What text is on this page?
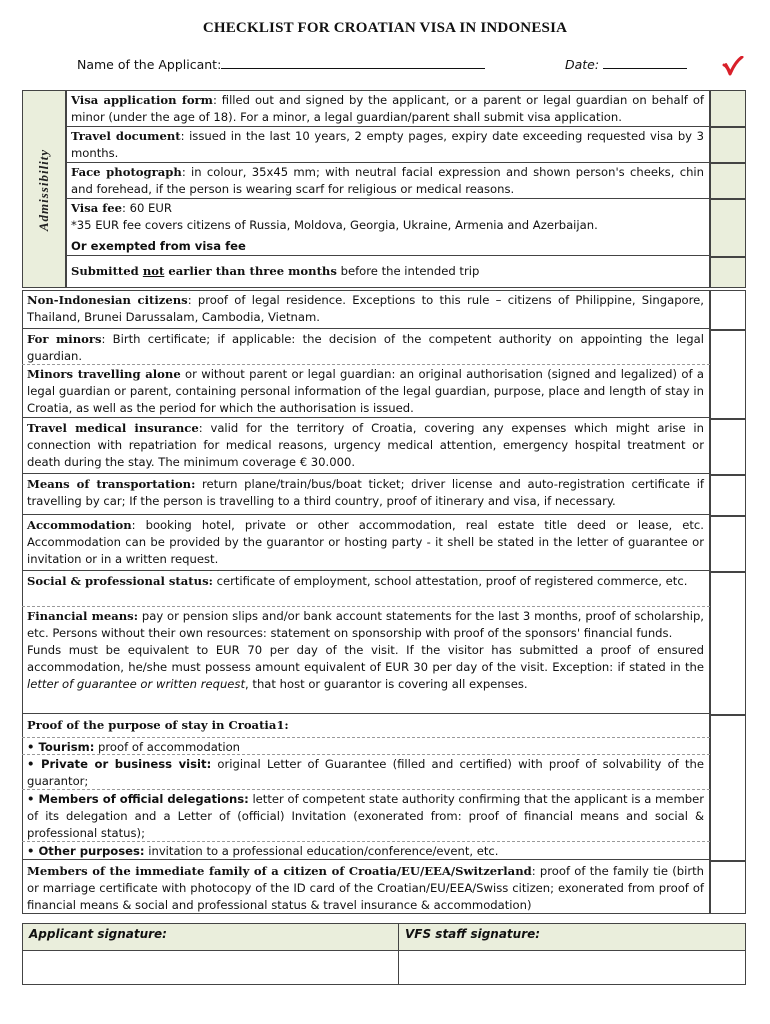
CHECKLIST FOR CROATIAN VISA IN INDONESIA
Name of the Applicant:	Date:
Admissibility
Visa application form: filled out and signed by the applicant, or a parent or legal guardian on behalf of minor (under the age of 18). For a minor, a legal guardian/parent shall submit visa application.
Travel document: issued in the last 10 years, 2 empty pages, expiry date exceeding requested visa by 3 months.
Face photograph: in colour, 35x45 mm; with neutral facial expression and shown person's cheeks, chin and forehead, if the person is wearing scarf for religious or medical reasons.
Visa fee: 60 EUR
*35 EUR fee covers citizens of Russia, Moldova, Georgia, Ukraine, Armenia and Azerbaijan.
Or exempted from visa fee
Submitted not earlier than three months before the intended trip
Non-Indonesian citizens: proof of legal residence. Exceptions to this rule – citizens of Philippine, Singapore, Thailand, Brunei Darussalam, Cambodia, Vietnam.
For minors: Birth certificate; if applicable: the decision of the competent authority on appointing the legal guardian.
Minors travelling alone or without parent or legal guardian: an original authorisation (signed and legalized) of a legal guardian or parent, containing personal information of the legal guardian, purpose, place and length of stay in Croatia, as well as the period for which the authorisation is issued.
Travel medical insurance: valid for the territory of Croatia, covering any expenses which might arise in connection with repatriation for medical reasons, urgency medical attention, emergency hospital treatment or death during the stay. The minimum coverage € 30.000.
Means of transportation: return plane/train/bus/boat ticket; driver license and auto-registration certificate if travelling by car; If the person is travelling to a third country, proof of itinerary and visa, if necessary.
Accommodation: booking hotel, private or other accommodation, real estate title deed or lease, etc. Accommodation can be provided by the guarantor or hosting party - it shell be stated in the letter of guarantee or invitation or in a written request.
Social & professional status: certificate of employment, school attestation, proof of registered commerce, etc.
Financial means: pay or pension slips and/or bank account statements for the last 3 months, proof of scholarship, etc. Persons without their own resources: statement on sponsorship with proof of the sponsors' financial funds.
Funds must be equivalent to EUR 70 per day of the visit. If the visitor has submitted a proof of ensured accommodation, he/she must possess amount equivalent of EUR 30 per day of the visit. Exception: if stated in the letter of guarantee or written request, that host or guarantor is covering all expenses.
Proof of the purpose of stay in Croatia1:
• Tourism: proof of accommodation
• Private or business visit: original Letter of Guarantee (filled and certified) with proof of solvability of the guarantor;
• Members of official delegations: letter of competent state authority confirming that the applicant is a member of its delegation and a Letter of (official) Invitation (exonerated from: proof of financial means and social & professional status);
• Other purposes: invitation to a professional education/conference/event, etc.
Members of the immediate family of a citizen of Croatia/EU/EEA/Switzerland: proof of the family tie (birth or marriage certificate with photocopy of the ID card of the Croatian/EU/EEA/Swiss citizen; exonerated from proof of financial means & social and professional status & travel insurance & accommodation)
Applicant signature:	VFS staff signature:
